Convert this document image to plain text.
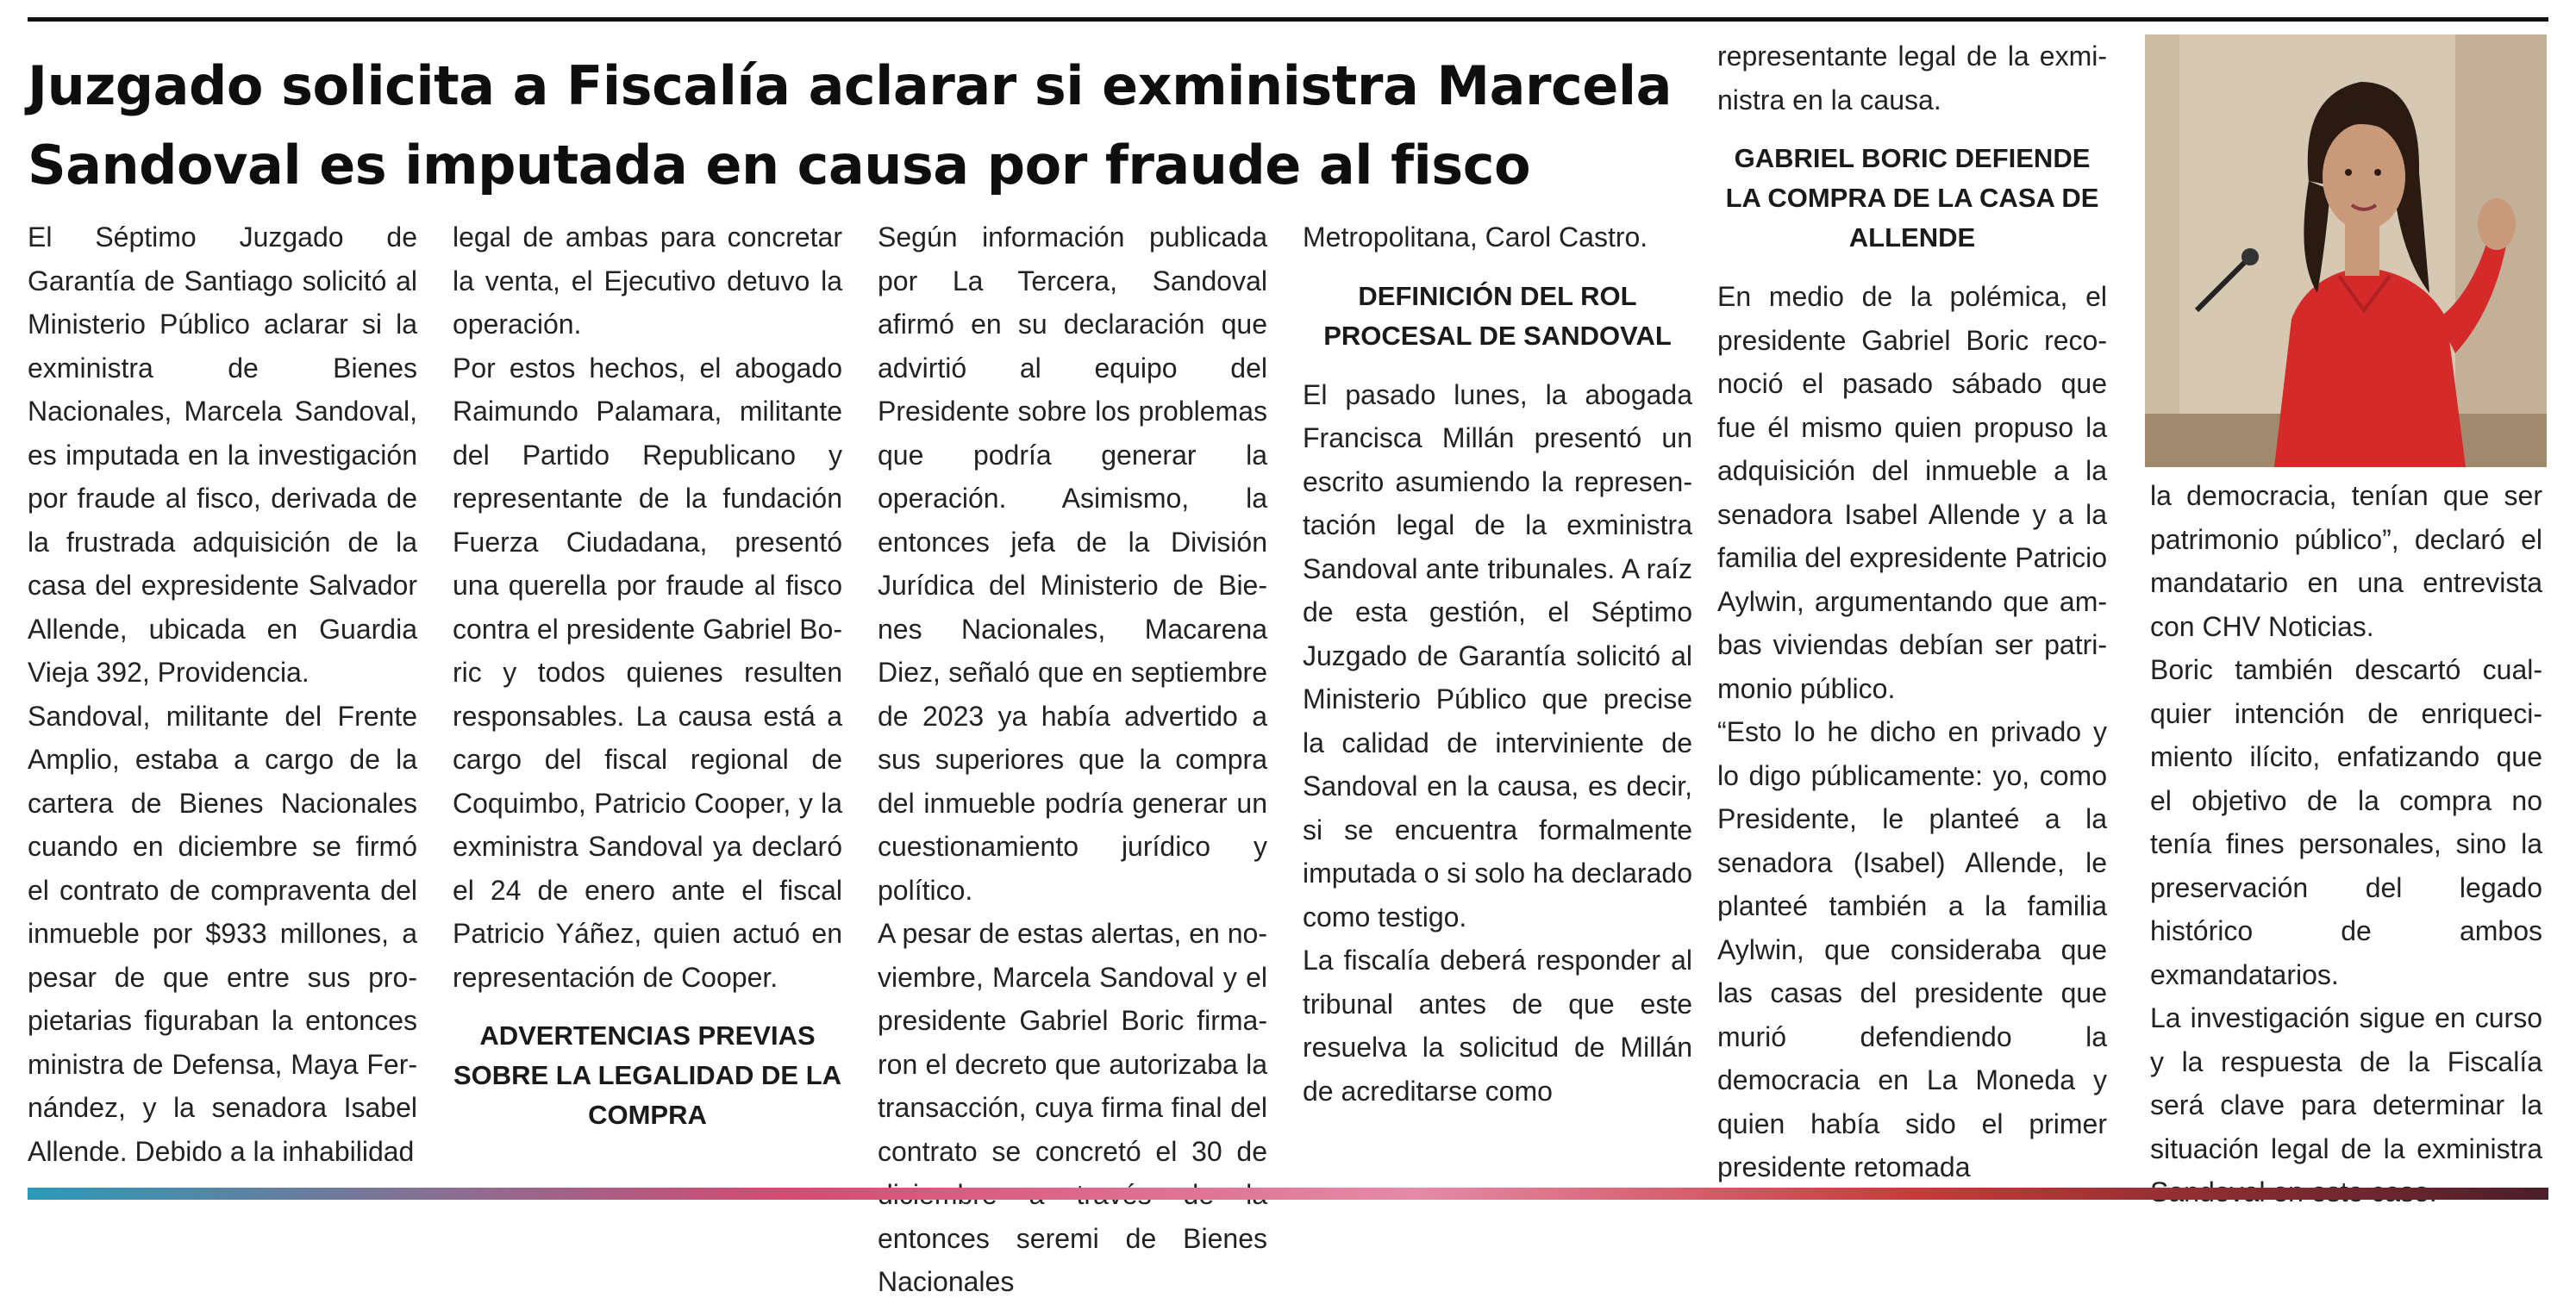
Juzgado solicita a Fiscalía aclarar si exministra Marcela Sandoval es imputada en causa por fraude al fisco

El Séptimo Juzgado de Garantía de Santiago solicitó al Ministerio Público aclarar si la exministra de Bienes Nacionales, Marcela Sandoval, es imputada en la investigación por fraude al fisco, derivada de la frustrada adquisición de la casa del expresidente Salvador Allende, ubicada en Guardia Vieja 392, Providencia.

Sandoval, militante del Frente Amplio, estaba a cargo de la cartera de Bienes Nacionales cuando en diciembre se firmó el contrato de compraventa del inmueble por $933 millones, a pesar de que entre sus propietarias figuraban la entonces ministra de Defensa, Maya Fernández, y la senadora Isabel Allende. Debido a la inhabilidad

legal de ambas para concretar la venta, el Ejecutivo detuvo la operación.

Por estos hechos, el abogado Raimundo Palamara, militante del Partido Republicano y representante de la fundación Fuerza Ciudadana, presentó una querella por fraude al fisco contra el presidente Gabriel Boric y todos quienes resulten responsables. La causa está a cargo del fiscal regional de Coquimbo, Patricio Cooper, y la exministra Sandoval ya declaró el 24 de enero ante el fiscal Patricio Yáñez, quien actuó en representación de Cooper.

ADVERTENCIAS PREVIAS SOBRE LA LEGALIDAD DE LA COMPRA

Según información publicada por La Tercera, Sandoval afirmó en su declaración que advirtió al equipo del Presidente sobre los problemas que podría generar la operación. Asimismo, la entonces jefa de la División Jurídica del Ministerio de Bienes Nacionales, Macarena Diez, señaló que en septiembre de 2023 ya había advertido a sus superiores que la compra del inmueble podría generar un cuestionamiento jurídico y político.

A pesar de estas alertas, en noviembre, Marcela Sandoval y el presidente Gabriel Boric firmaron el decreto que autorizaba la transacción, cuya firma final del contrato se concretó el 30 de entonces seremi de Bienes Nacionales

Metropolitana, Carol Castro.

DEFINICIÓN DEL ROL PROCESAL DE SANDOVAL

El pasado lunes, la abogada Francisca Millán presentó un escrito asumiendo la representación legal de la exministra Sandoval ante tribunales. A raíz de esta gestión, el Séptimo Juzgado de Garantía solicitó al Ministerio Público que precise la calidad de interviniente de Sandoval en la causa, es decir, si se encuentra formalmente imputada o si solo ha declarado como testigo.

La fiscalía deberá responder al tribunal antes de que este resuelva la solicitud de Millán de acreditarse como

representante legal de la exministra en la causa.

GABRIEL BORIC DEFIENDE LA COMPRA DE LA CASA DE ALLENDE

En medio de la polémica, el presidente Gabriel Boric reconoció el pasado sábado que fue él mismo quien propuso la adquisición del inmueble a la senadora Isabel Allende y a la familia del expresidente Patricio Aylwin, argumentando que ambas viviendas debían ser patrimonio público.

“Esto lo he dicho en privado y lo digo públicamente: yo, como Presidente, le planteé a la senadora (Isabel) Allende, le planteé también a la familia Aylwin, que consideraba que las casas del presidente que murió defendiendo la democracia en La Moneda y quien había sido el primer presidente retomada

la democracia, tenían que ser patrimonio público”, declaró el mandatario en una entrevista con CHV Noticias.

Boric también descartó cualquier intención de enriquecimiento ilícito, enfatizando que el objetivo de la compra no tenía fines personales, sino la preservación del legado histórico de ambos exmandatarios.

La investigación sigue en curso y la respuesta de la Fiscalía será clave para determinar la situación legal de la exministra
